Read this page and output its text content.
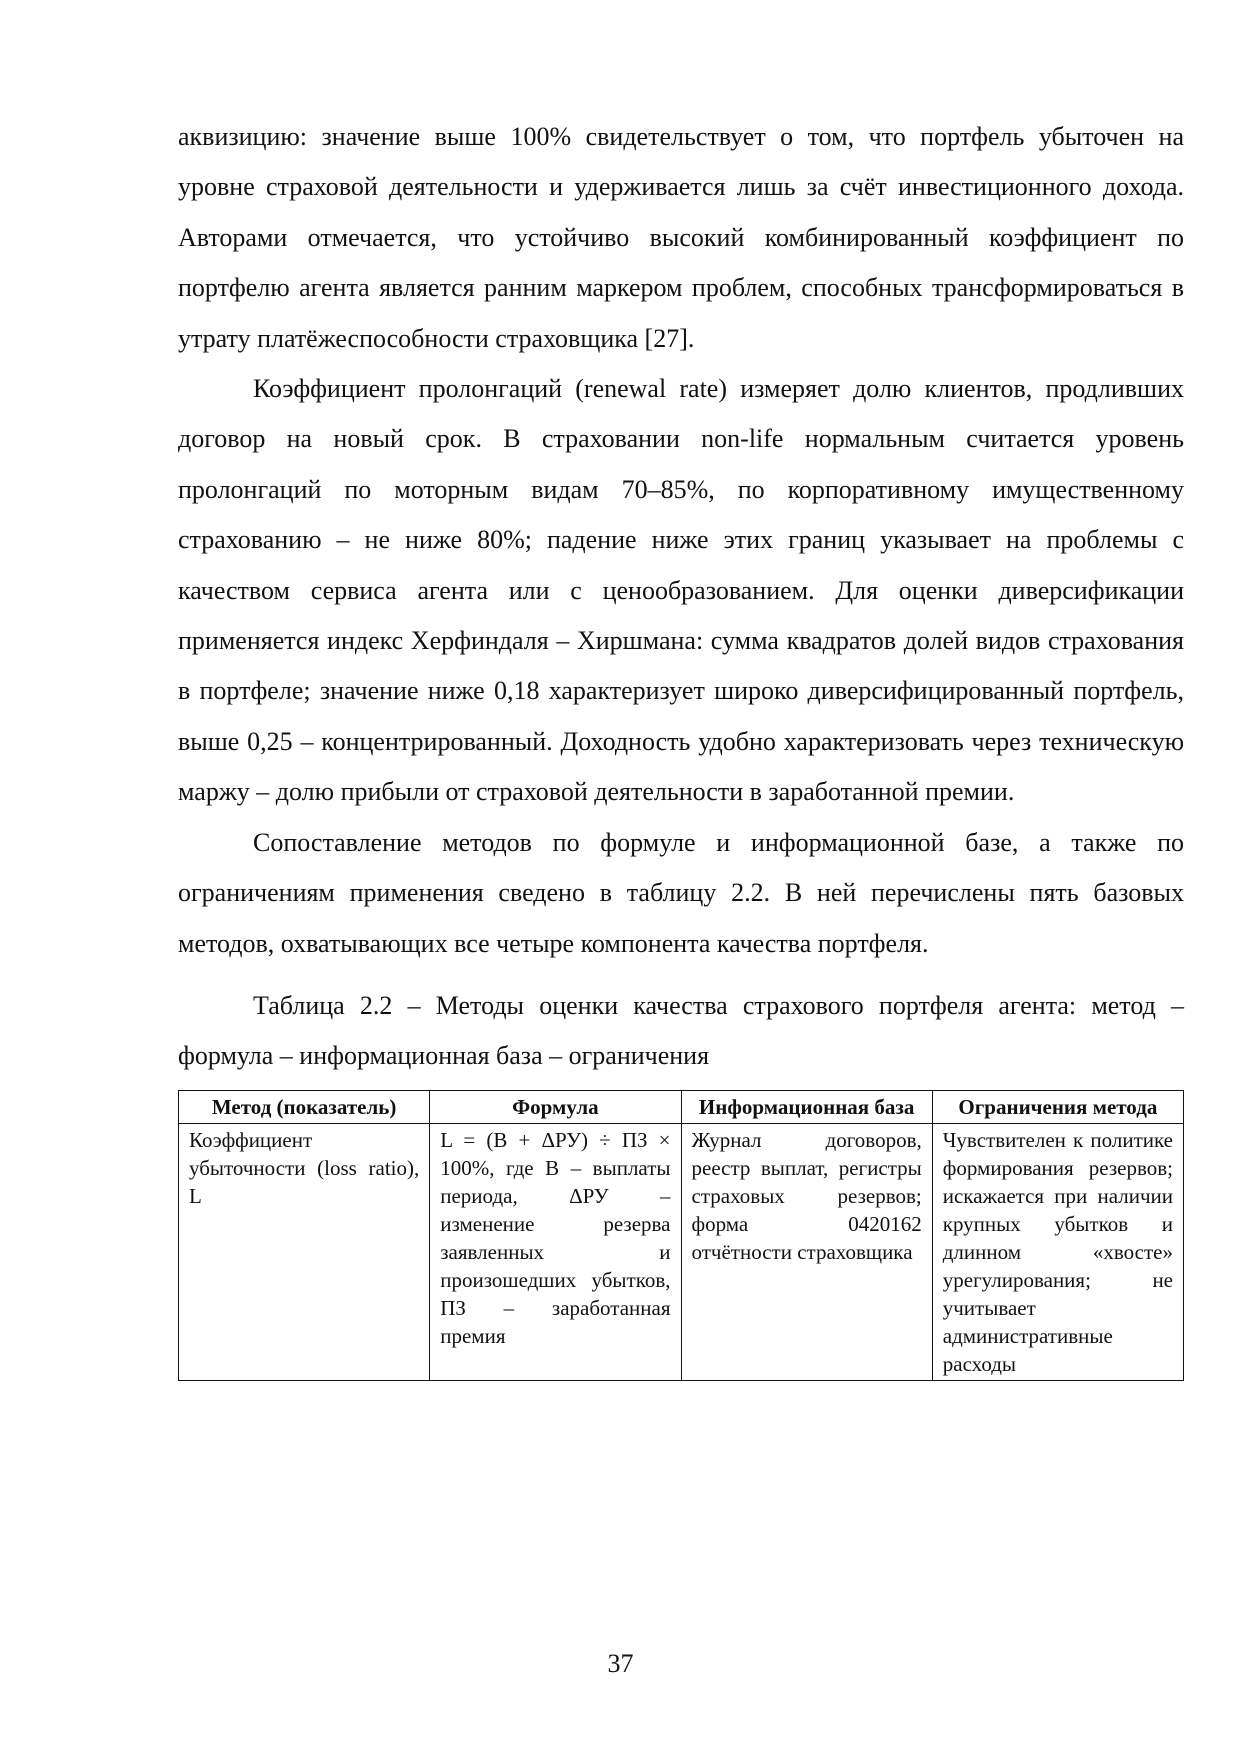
аквизицию: значение выше 100% свидетельствует о том, что портфель убыточен на уровне страховой деятельности и удерживается лишь за счёт инвестиционного дохода. Авторами отмечается, что устойчиво высокий комбинированный коэффициент по портфелю агента является ранним маркером проблем, способных трансформироваться в утрату платёжеспособности страховщика [27].

Коэффициент пролонгаций (renewal rate) измеряет долю клиентов, продливших договор на новый срок. В страховании non-life нормальным считается уровень пролонгаций по моторным видам 70–85%, по корпоративному имущественному страхованию – не ниже 80%; падение ниже этих границ указывает на проблемы с качеством сервиса агента или с ценообразованием. Для оценки диверсификации применяется индекс Херфиндаля – Хиршмана: сумма квадратов долей видов страхования в портфеле; значение ниже 0,18 характеризует широко диверсифицированный портфель, выше 0,25 – концентрированный. Доходность удобно характеризовать через техническую маржу – долю прибыли от страховой деятельности в заработанной премии.

Сопоставление методов по формуле и информационной базе, а также по ограничениям применения сведено в таблицу 2.2. В ней перечислены пять базовых методов, охватывающих все четыре компонента качества портфеля.

Таблица 2.2 – Методы оценки качества страхового портфеля агента: метод – формула – информационная база – ограничения

Метод (показатель)	Формула	Информационная база	Ограничения метода
Коэффициент убыточности (loss ratio), L	L = (В + ΔРУ) ÷ ПЗ × 100%, где В – выплаты периода, ΔРУ – изменение резерва заявленных и произошедших убытков, ПЗ – заработанная премия	Журнал договоров, реестр выплат, регистры страховых резервов; форма 0420162 отчётности страховщика	Чувствителен к политике формирования резервов; искажается при наличии крупных убытков и длинном «хвосте» урегулирования; не учитывает административные расходы
37
